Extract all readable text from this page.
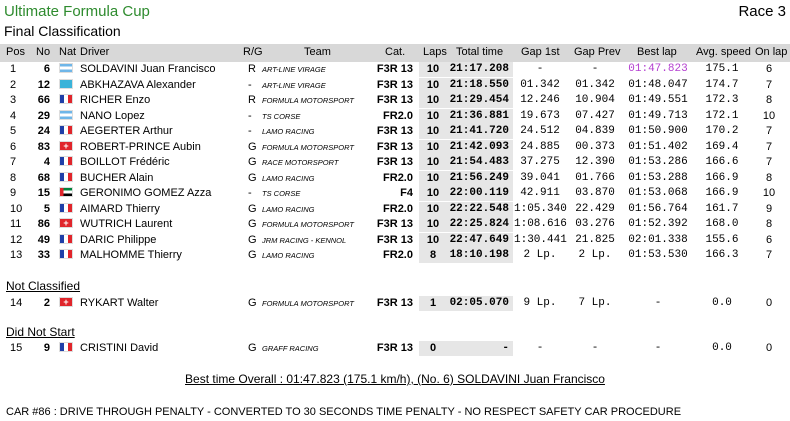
Ultimate Formula Cup	Race 3
Final Classification
Pos No Nat Driver	R/G	Team	Cat. Laps Total time Gap 1st Gap Prev Best lap Avg. speed On lap
1	6	SOLDAVINI Juan Francisco	R ART-LINE VIRAGE	F3R 13	10 21:17.208	-	-	01:47.823	175.1	6
2 12	ABKHAZAVA Alexander	- ART-LINE VIRAGE	F3R 13	10 21:18.550	01.342	01.342	01:48.047	174.7	7
3 66	RICHER Enzo	R FORMULA MOTORSPORT	F3R 13	10 21:29.454	12.246	10.904	01:49.551	172.3	8
4 29	NANO Lopez	- TS CORSE	FR2.0	10 21:36.881	19.673	07.427	01:49.713	172.1	10
5 24	AEGERTER Arthur	- LAMO RACING	F3R 13	10 21:41.720	24.512	04.839	01:50.900	170.2	7
6 83	+	ROBERT-PRINCE Aubin	G FORMULA MOTORSPORT	F3R 13	10 21:42.093	24.885	00.373	01:51.402	169.4	7
7	4	BOILLOT Frédéric	G RACE MOTORSPORT	F3R 13	10 21:54.483	37.275	12.390	01:53.286	166.6	7
8 68	BUCHER Alain	G LAMO RACING	FR2.0	10 21:56.249	39.041	01.766	01:53.288	166.9	8
9 15	GERONIMO GOMEZ Azza	- TS CORSE	F4	10 22:00.119	42.911	03.870	01:53.068	166.9	10
10	5	AIMARD Thierry	G LAMO RACING	FR2.0	10 22:22.548 1:05.340 22.429	01:56.764	161.7	9
11 86	+	WUTRICH Laurent	G FORMULA MOTORSPORT	F3R 13	10 22:25.824 1:08.616 03.276	01:52.392	168.0	8
12 49	DARIC Philippe	G JRM RACING - KENNOL	F3R 13	10 22:47.649 1:30.441 21.825	02:01.338	155.6	6
13 33	MALHOMME Thierry	G LAMO RACING	FR2.0	8	18:10.198	2 Lp.	2 Lp.	01:53.530	166.3	7
Not Classified
14	2	+	RYKART Walter	G FORMULA MOTORSPORT	F3R 13	1	02:05.070	9 Lp.	7 Lp.	-	0.0	0
Did Not Start
15	9	CRISTINI David	G GRAFF RACING	F3R 13	0	-	-	-	-	0.0	0
Best time Overall : 01:47.823 (175.1 km/h), (No. 6) SOLDAVINI Juan Francisco
CAR #86 : DRIVE THROUGH PENALTY - CONVERTED TO 30 SECONDS TIME PENALTY - NO RESPECT SAFETY CAR PROCEDURE
